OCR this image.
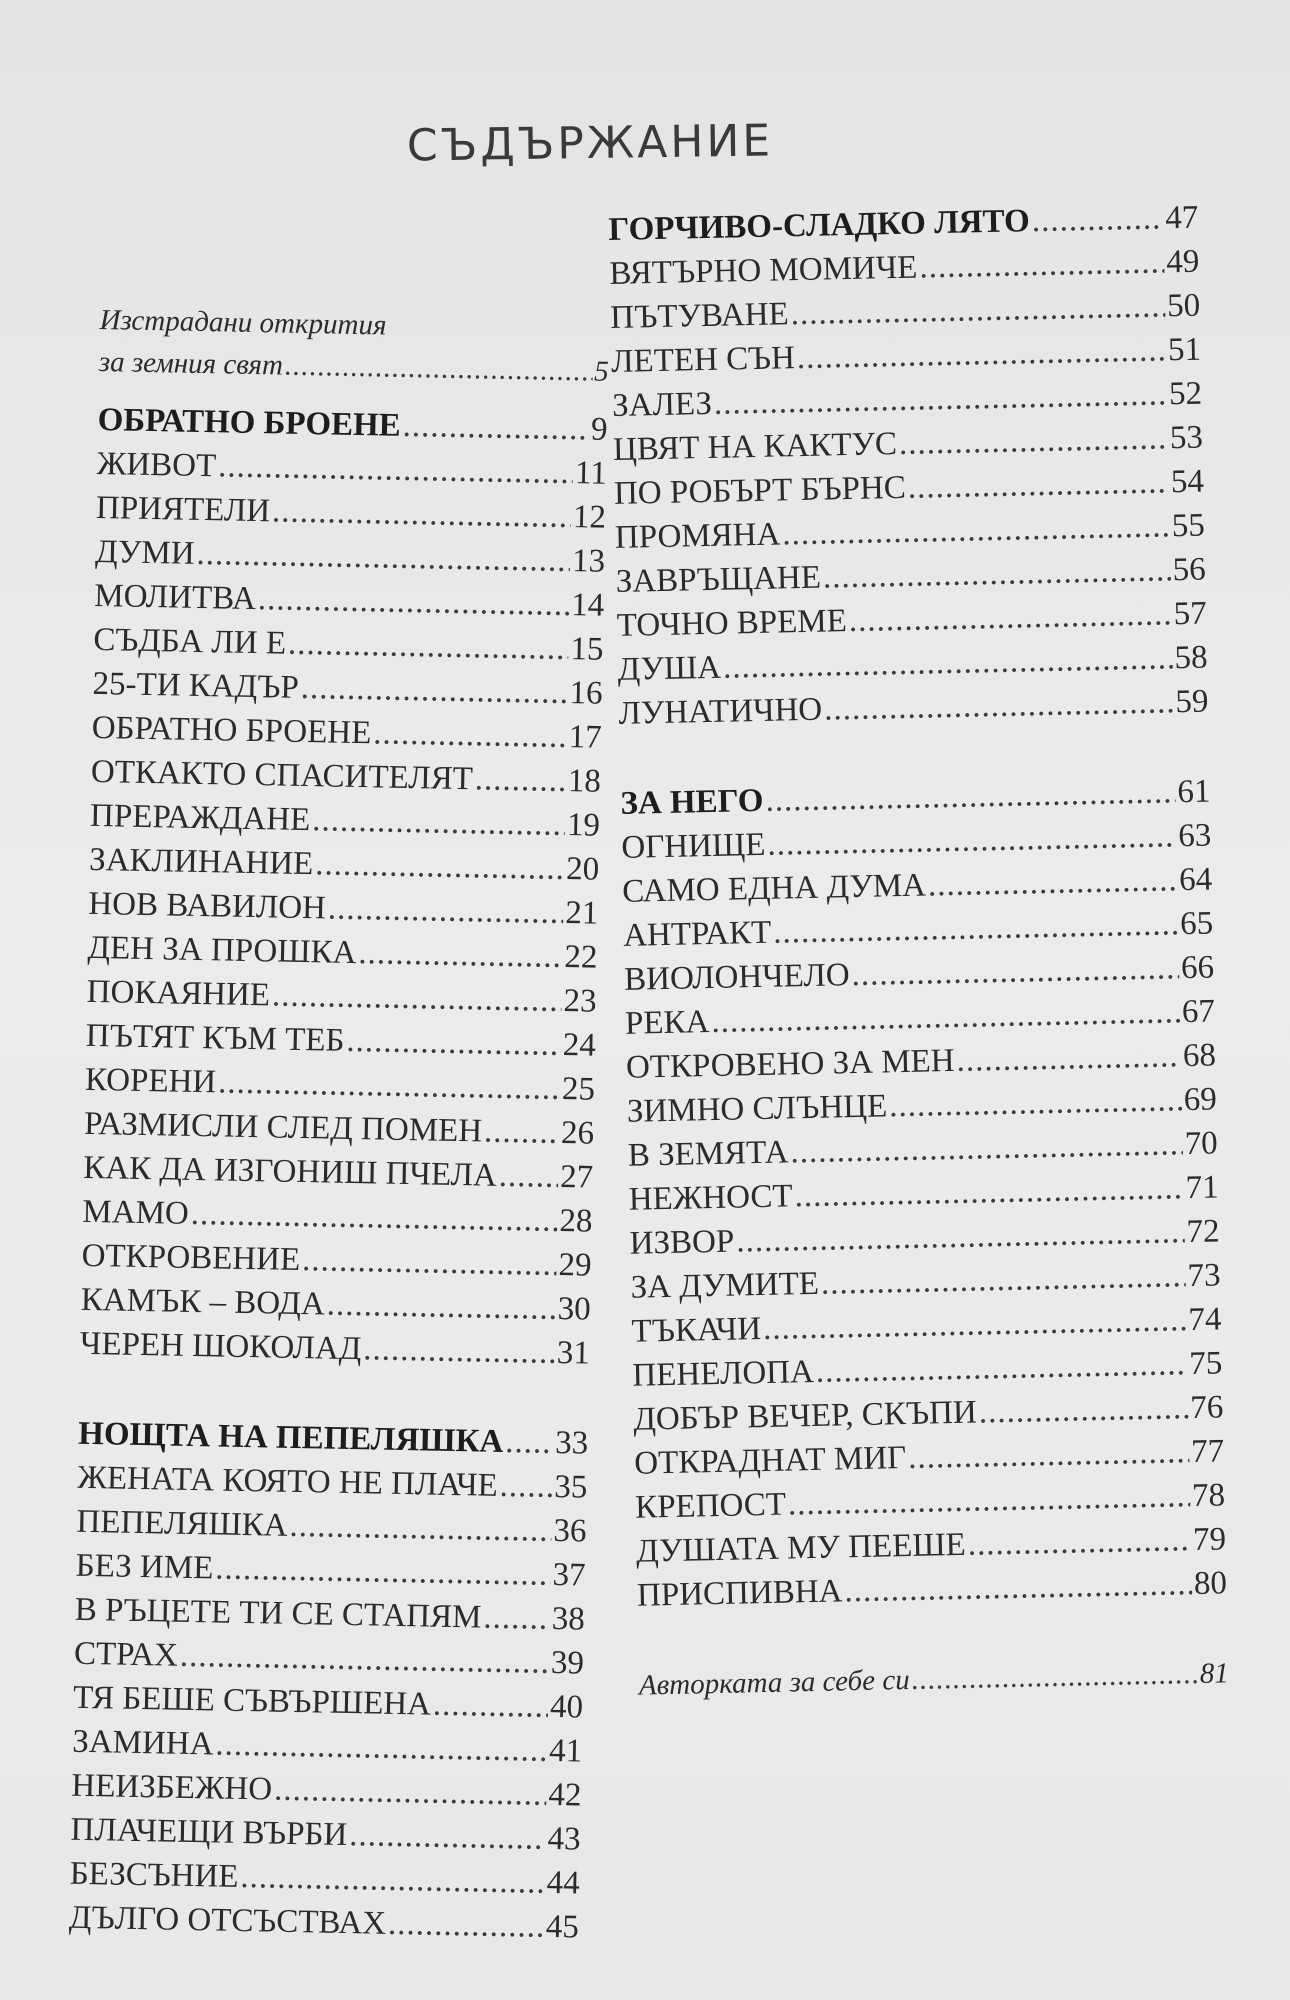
СЪДЪРЖАНИЕ
Изстрадани открития
за земния свят .....	5
ОБРАТНО БРОЕНЕ .....	9
ЖИВОТ .....	11
ПРИЯТЕЛИ .....	12
ДУМИ .....	13
МОЛИТВА .....	14
СЪДБА ЛИ Е .....	15
25-ТИ КАДЪР .....	16
ОБРАТНО БРОЕНЕ .....	17
ОТКАКТО СПАСИТЕЛЯТ .....	18
ПРЕРАЖДАНЕ .....	19
ЗАКЛИНАНИЕ .....	20
НОВ ВАВИЛОН .....	21
ДЕН ЗА ПРОШКА .....	22
ПОКАЯНИЕ .....	23
ПЪТЯТ КЪМ ТЕБ .....	24
КОРЕНИ .....	25
РАЗМИСЛИ СЛЕД ПОМЕН ..... 26
КАК ДА ИЗГОНИШ ПЧЕЛА ..... 27
МАМО .....	28
ОТКРОВЕНИЕ .....	29
КАМЪК – ВОДА .....	30
ЧЕРЕН ШОКОЛАД .....	31
НОЩТА НА ПЕПЕЛЯШКА ..... 33
ЖЕНАТА КОЯТО НЕ ПЛАЧЕ ..... 35
ПЕПЕЛЯШКА .....	36
БЕЗ ИМЕ .....	37
В РЪЦЕТЕ ТИ СЕ СТАПЯМ ..... 38
СТРАХ .....	39
ТЯ БЕШЕ СЪВЪРШЕНА .....	40
ЗАМИНА .....	41
НЕИЗБЕЖНО .....	42
ПЛАЧЕЩИ ВЪРБИ .....	43
БЕЗСЪНИЕ .....	44
ДЪЛГО ОТСЪСТВАХ .....	45
ГОРЧИВО-СЛАДКО ЛЯТО .....	47
ВЯТЪРНО МОМИЧЕ .....	49
ПЪТУВАНЕ .....	50
ЛЕТЕН СЪН .....	51
ЗАЛЕЗ .....	52
ЦВЯТ НА КАКТУС .....	53
ПО РОБЪРТ БЪРНС .....	54
ПРОМЯНА .....	55
ЗАВРЪЩАНЕ .....	56
ТОЧНО ВРЕМЕ .....	57
ДУША .....	58
ЛУНАТИЧНО .....	59
ЗА НЕГО .....	61
ОГНИЩЕ .....	63
САМО ЕДНА ДУМА .....	64
АНТРАКТ .....	65
ВИОЛОНЧЕЛО .....	66
РЕКА .....	67
ОТКРОВЕНО ЗА МЕН .....	68
ЗИМНО СЛЪНЦЕ .....	69
В ЗЕМЯТА .....	70
НЕЖНОСТ .....	71
ИЗВОР .....	72
ЗА ДУМИТЕ .....	73
ТЪКАЧИ .....	74
ПЕНЕЛОПА .....	75
ДОБЪР ВЕЧЕР, СКЪПИ .....	76
ОТКРАДНАТ МИГ .....	77
КРЕПОСТ .....	78
ДУШАТА МУ ПЕЕШЕ .....	79
ПРИСПИВНА .....	80
Авторката за себе си .....	81
